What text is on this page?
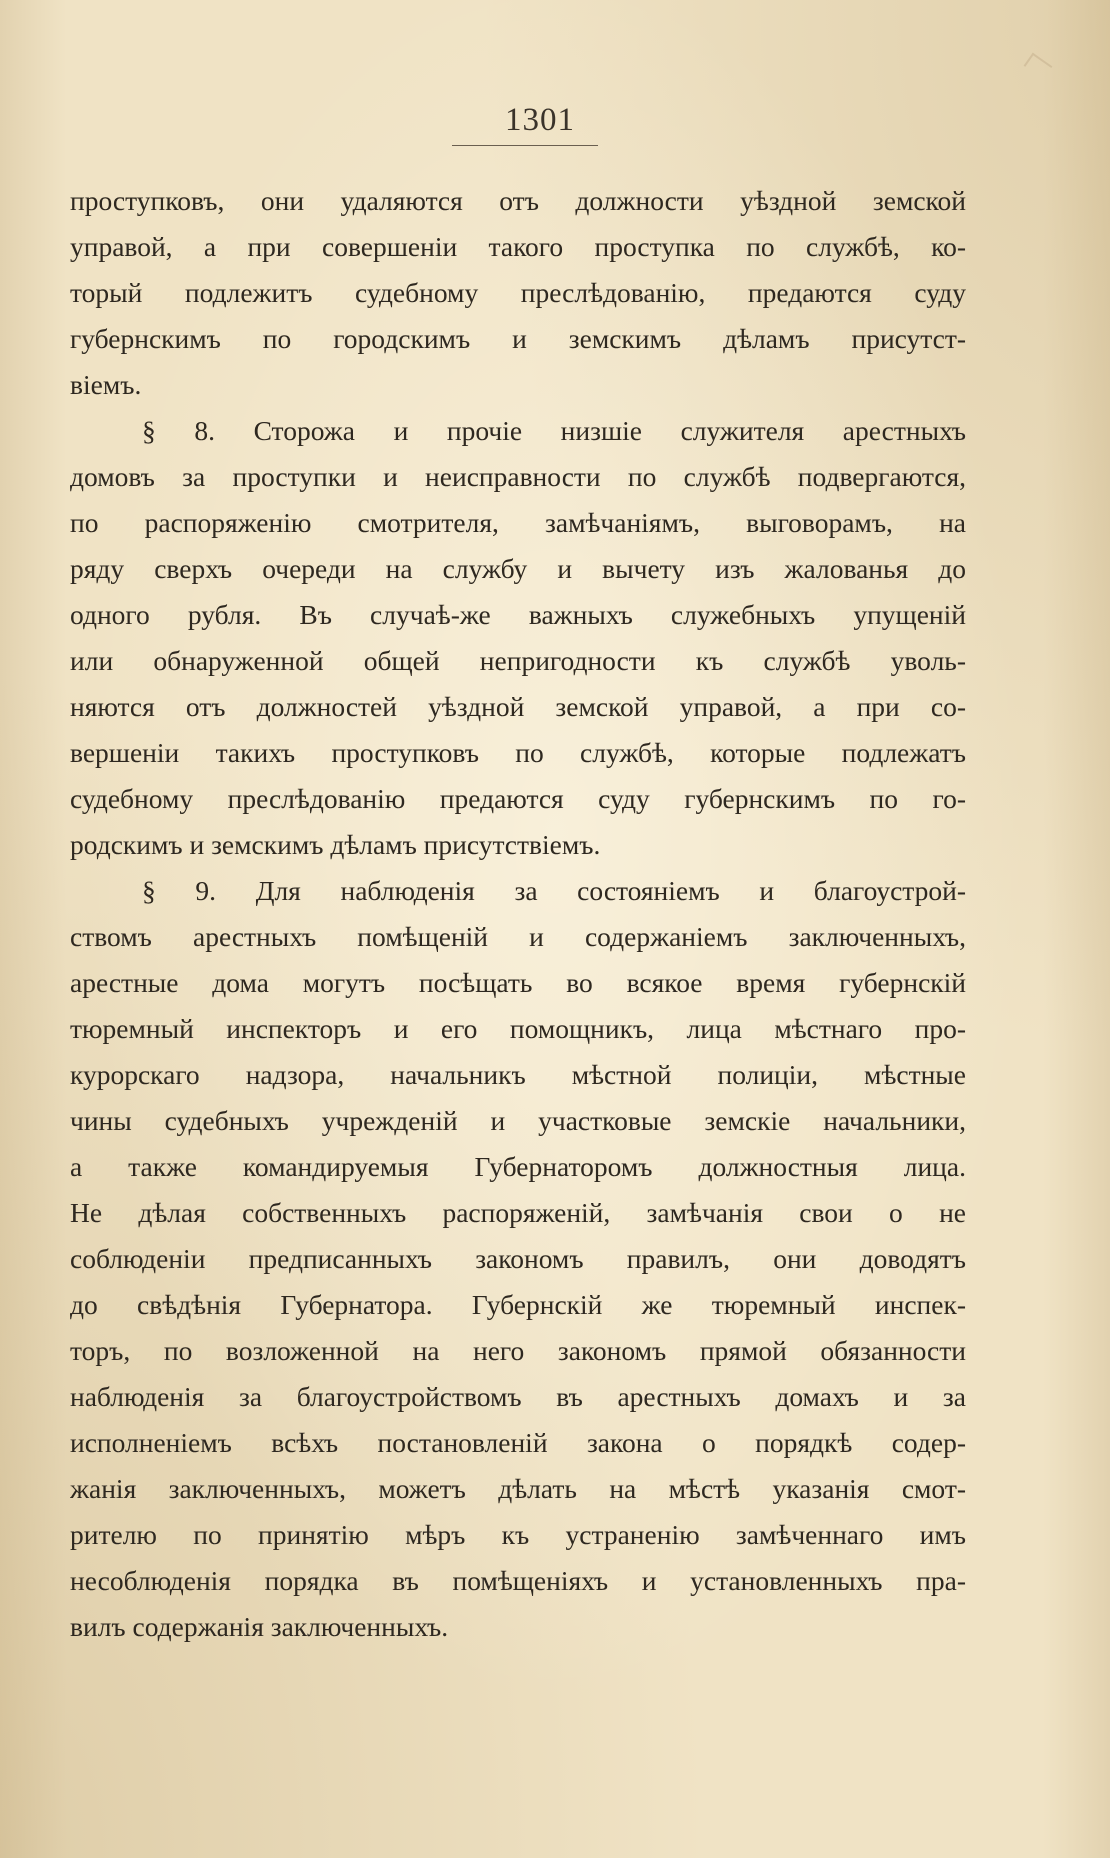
1301
проступковъ, они удаляются отъ должности уѣздной земской
управой, а при совершеніи такого проступка по службѣ, ко-
торый подлежитъ судебному преслѣдованію, предаются суду
губернскимъ по городскимъ и земскимъ дѣламъ присутст-
віемъ.
§ 8. Сторожа и прочіе низшіе служителя арестныхъ
домовъ за проступки и неисправности по службѣ подвергаются,
по распоряженію смотрителя, замѣчаніямъ, выговорамъ, на
ряду сверхъ очереди на службу и вычету изъ жалованья до
одного рубля. Въ случаѣ-же важныхъ служебныхъ упущеній
или обнаруженной общей непригодности къ службѣ уволь-
няются отъ должностей уѣздной земской управой, а при со-
вершеніи такихъ проступковъ по службѣ, которые подлежатъ
судебному преслѣдованію предаются суду губернскимъ по го-
родскимъ и земскимъ дѣламъ присутствіемъ.
§ 9. Для наблюденія за состояніемъ и благоустрой-
ствомъ арестныхъ помѣщеній и содержаніемъ заключенныхъ,
арестные дома могутъ посѣщать во всякое время губернскій
тюремный инспекторъ и его помощникъ, лица мѣстнаго про-
курорскаго надзора, начальникъ мѣстной полиціи, мѣстные
чины судебныхъ учрежденій и участковые земскіе начальники,
а также командируемыя Губернаторомъ должностныя лица.
Не дѣлая собственныхъ распоряженій, замѣчанія свои о не
соблюденіи предписанныхъ закономъ правилъ, они доводятъ
до свѣдѣнія Губернатора. Губернскій же тюремный инспек-
торъ, по возложенной на него закономъ прямой обязанности
наблюденія за благоустройствомъ въ арестныхъ домахъ и за
исполненіемъ всѣхъ постановленій закона о порядкѣ содер-
жанія заключенныхъ, можетъ дѣлать на мѣстѣ указанія смот-
рителю по принятію мѣръ къ устраненію замѣченнаго имъ
несоблюденія порядка въ помѣщеніяхъ и установленныхъ пра-
вилъ содержанія заключенныхъ.
